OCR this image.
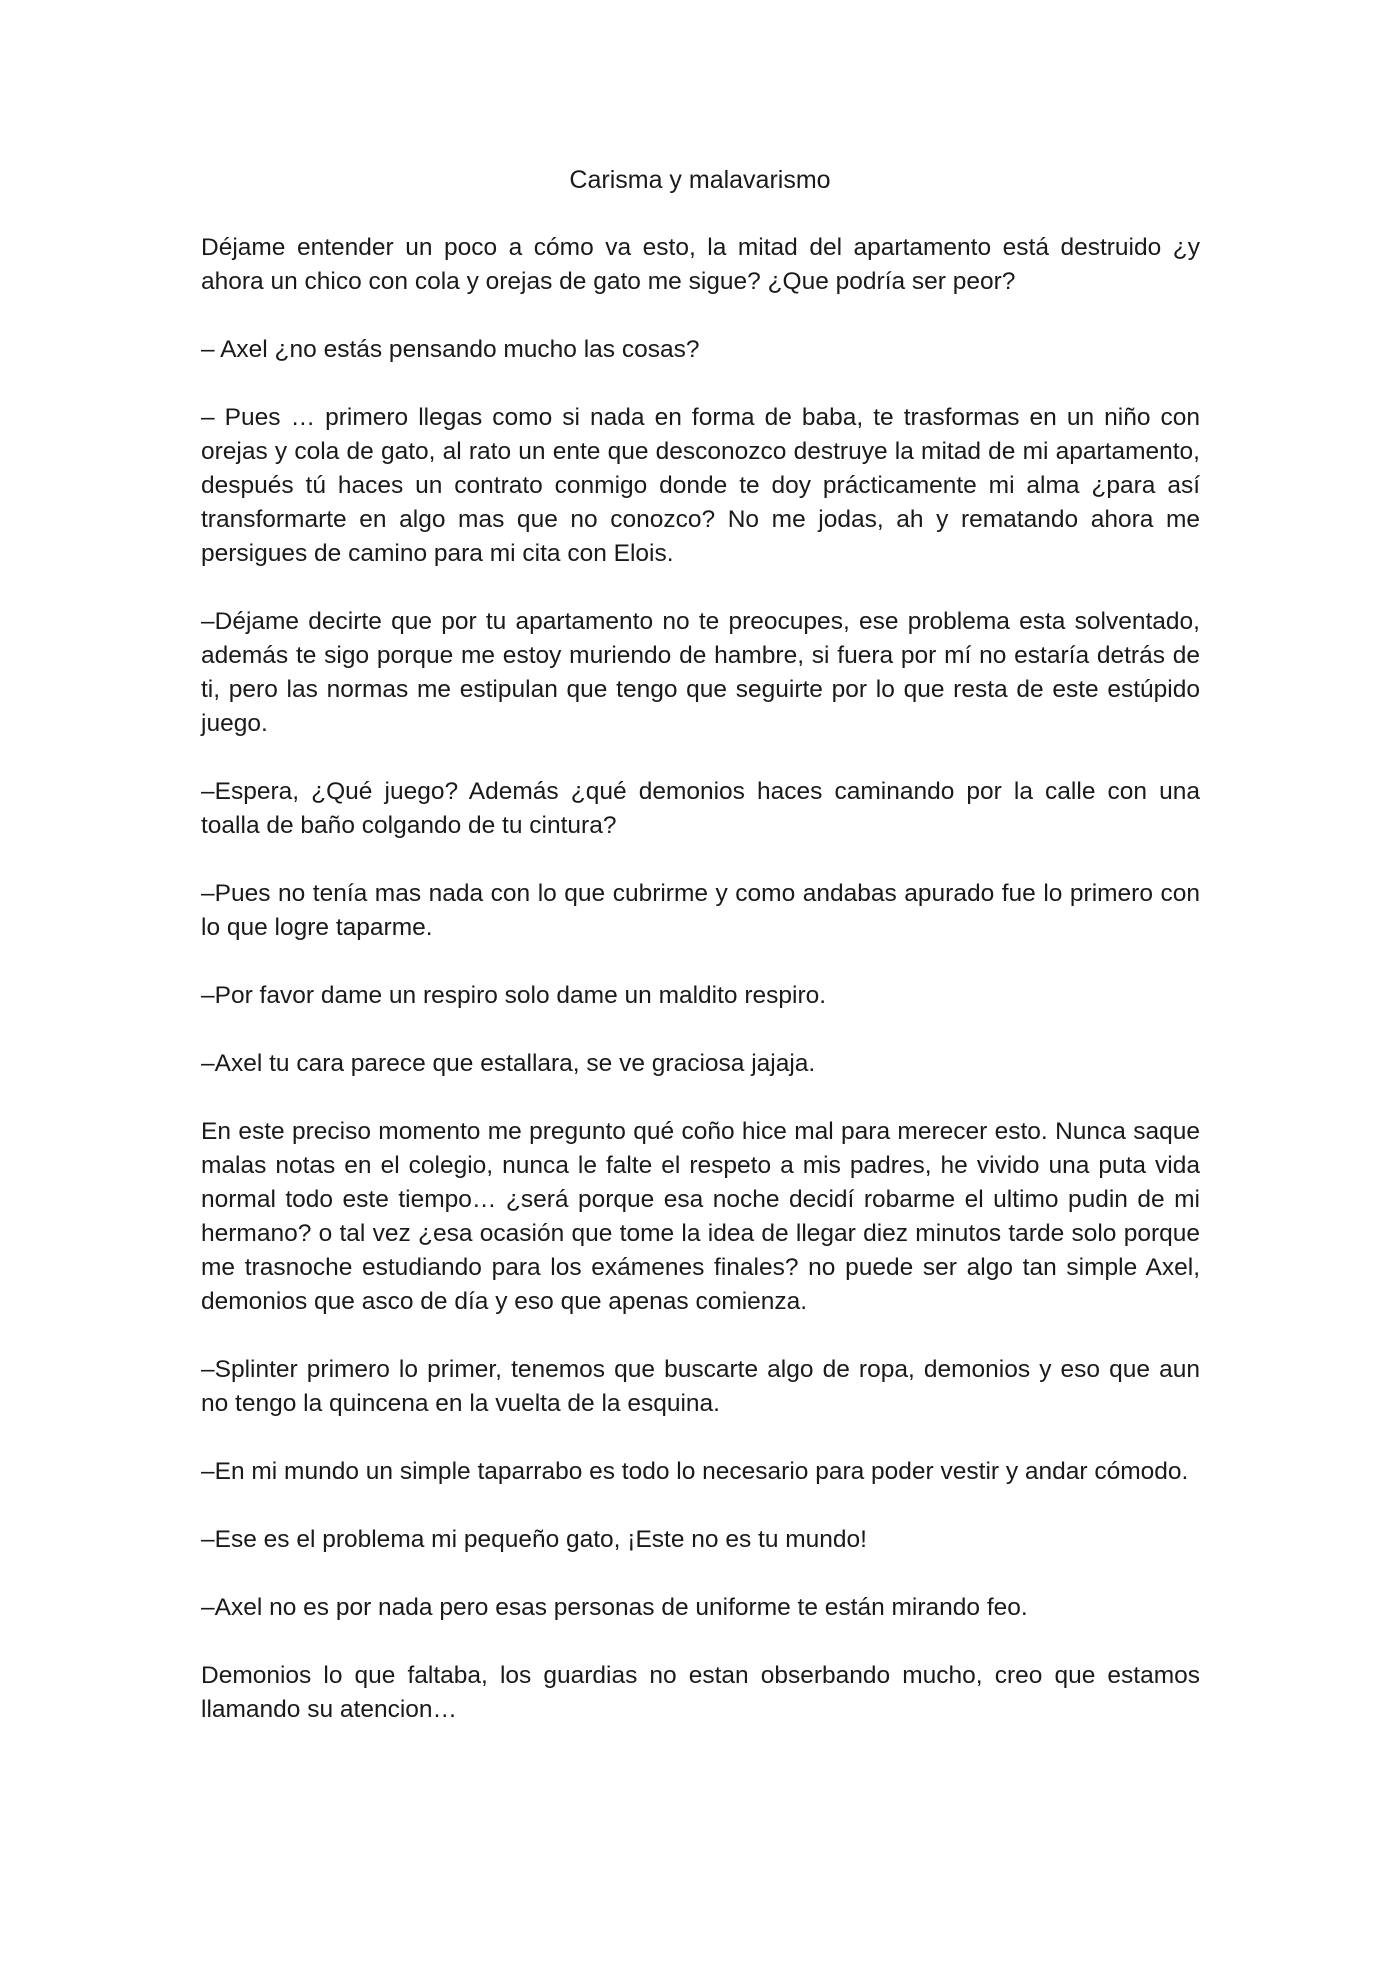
Carisma y malavarismo

Déjame entender un poco a cómo va esto, la mitad del apartamento está destruido ¿y ahora un chico con cola y orejas de gato me sigue? ¿Que podría ser peor?

– Axel ¿no estás pensando mucho las cosas?

– Pues … primero llegas como si nada en forma de baba, te trasformas en un niño con orejas y cola de gato, al rato un ente que desconozco destruye la mitad de mi apartamento, después tú haces un contrato conmigo donde te doy prácticamente mi alma ¿para así transformarte en algo mas que no conozco? No me jodas, ah y rematando ahora me persigues de camino para mi cita con Elois.

–Déjame decirte que por tu apartamento no te preocupes, ese problema esta solventado, además te sigo porque me estoy muriendo de hambre, si fuera por mí no estaría detrás de ti, pero las normas me estipulan que tengo que seguirte por lo que resta de este estúpido juego.

–Espera, ¿Qué juego? Además ¿qué demonios haces caminando por la calle con una toalla de baño colgando de tu cintura?

–Pues no tenía mas nada con lo que cubrirme y como andabas apurado fue lo primero con lo que logre taparme.

–Por favor dame un respiro solo dame un maldito respiro.

–Axel tu cara parece que estallara, se ve graciosa jajaja.

En este preciso momento me pregunto qué coño hice mal para merecer esto. Nunca saque malas notas en el colegio, nunca le falte el respeto a mis padres, he vivido una puta vida normal todo este tiempo… ¿será porque esa noche decidí robarme el ultimo pudin de mi hermano? o tal vez ¿esa ocasión que tome la idea de llegar diez minutos tarde solo porque me trasnoche estudiando para los exámenes finales? no puede ser algo tan simple Axel, demonios que asco de día y eso que apenas comienza.

–Splinter primero lo primer, tenemos que buscarte algo de ropa, demonios y eso que aun no tengo la quincena en la vuelta de la esquina.

–En mi mundo un simple taparrabo es todo lo necesario para poder vestir y andar cómodo.

–Ese es el problema mi pequeño gato, ¡Este no es tu mundo!

–Axel no es por nada pero esas personas de uniforme te están mirando feo.

Demonios lo que faltaba, los guardias no estan obserbando mucho, creo que estamos llamando su atencion…
